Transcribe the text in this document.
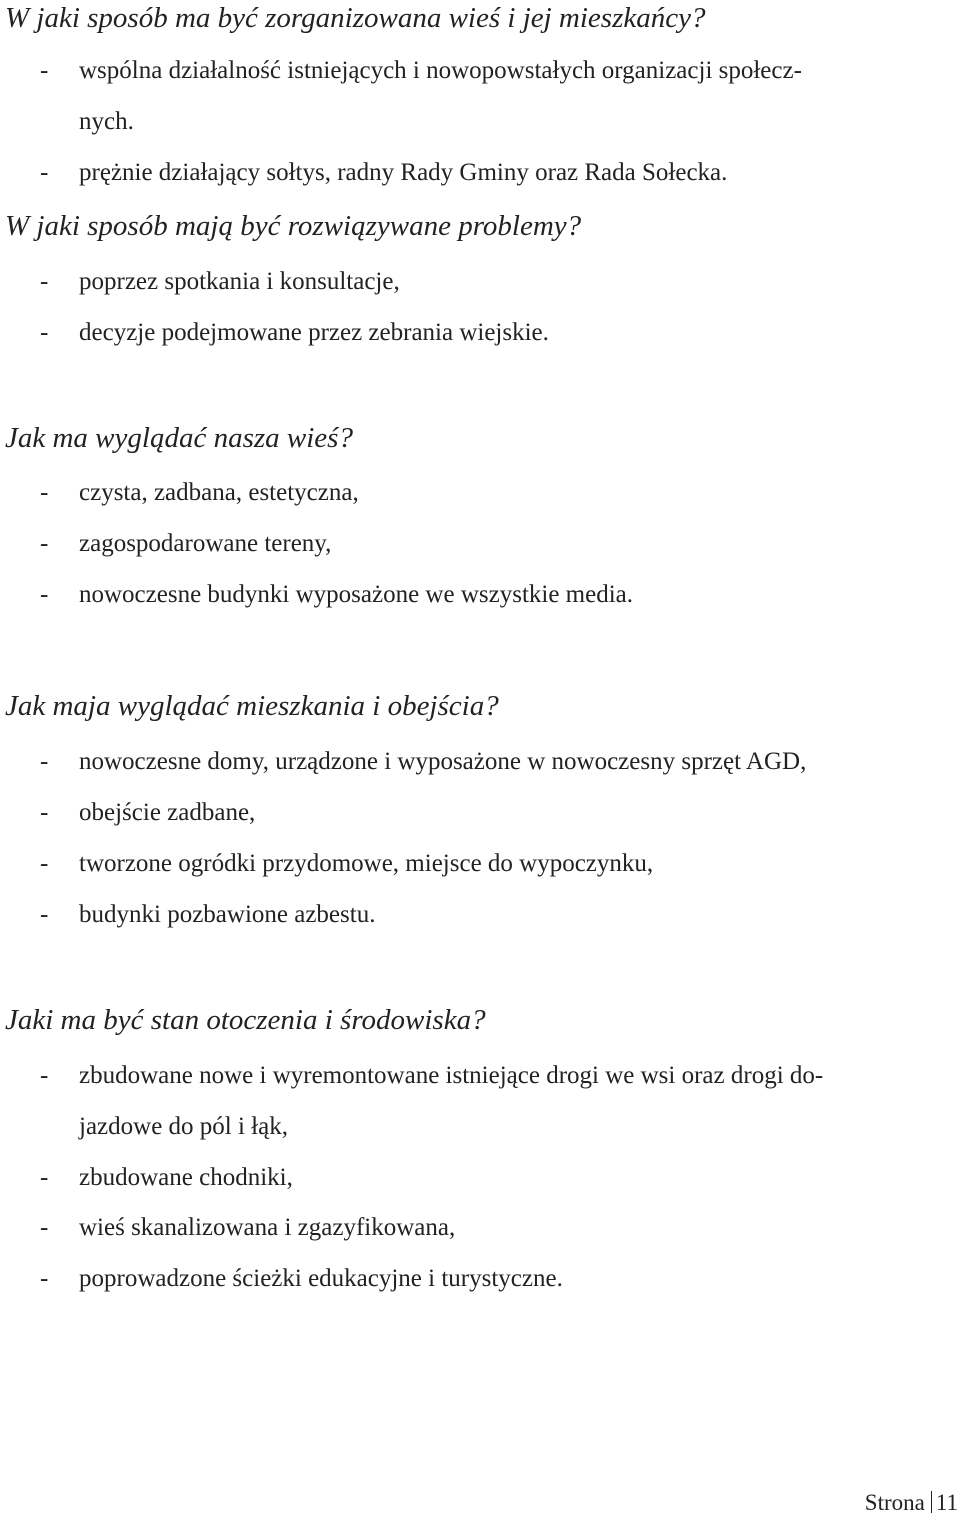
W jaki sposób ma być zorganizowana wieś i jej mieszkańcy?
- wspólna działalność istniejących i nowopowstałych organizacji społecz-
nych.
- prężnie działający sołtys, radny Rady Gminy oraz Rada Sołecka.
W jaki sposób mają być rozwiązywane problemy?
- poprzez spotkania i konsultacje,
- decyzje podejmowane przez zebrania wiejskie.
Jak ma wyglądać nasza wieś?
- czysta, zadbana, estetyczna,
- zagospodarowane tereny,
- nowoczesne budynki wyposażone we wszystkie media.
Jak maja wyglądać mieszkania i obejścia?
- nowoczesne domy, urządzone i wyposażone w nowoczesny sprzęt AGD,
- obejście zadbane,
- tworzone ogródki przydomowe, miejsce do wypoczynku,
- budynki pozbawione azbestu.
Jaki ma być stan otoczenia i środowiska?
- zbudowane nowe i wyremontowane istniejące drogi we wsi oraz drogi do-
jazdowe do pól i łąk,
- zbudowane chodniki,
- wieś skanalizowana i zgazyfikowana,
- poprowadzone ścieżki edukacyjne i turystyczne.
Strona 11
